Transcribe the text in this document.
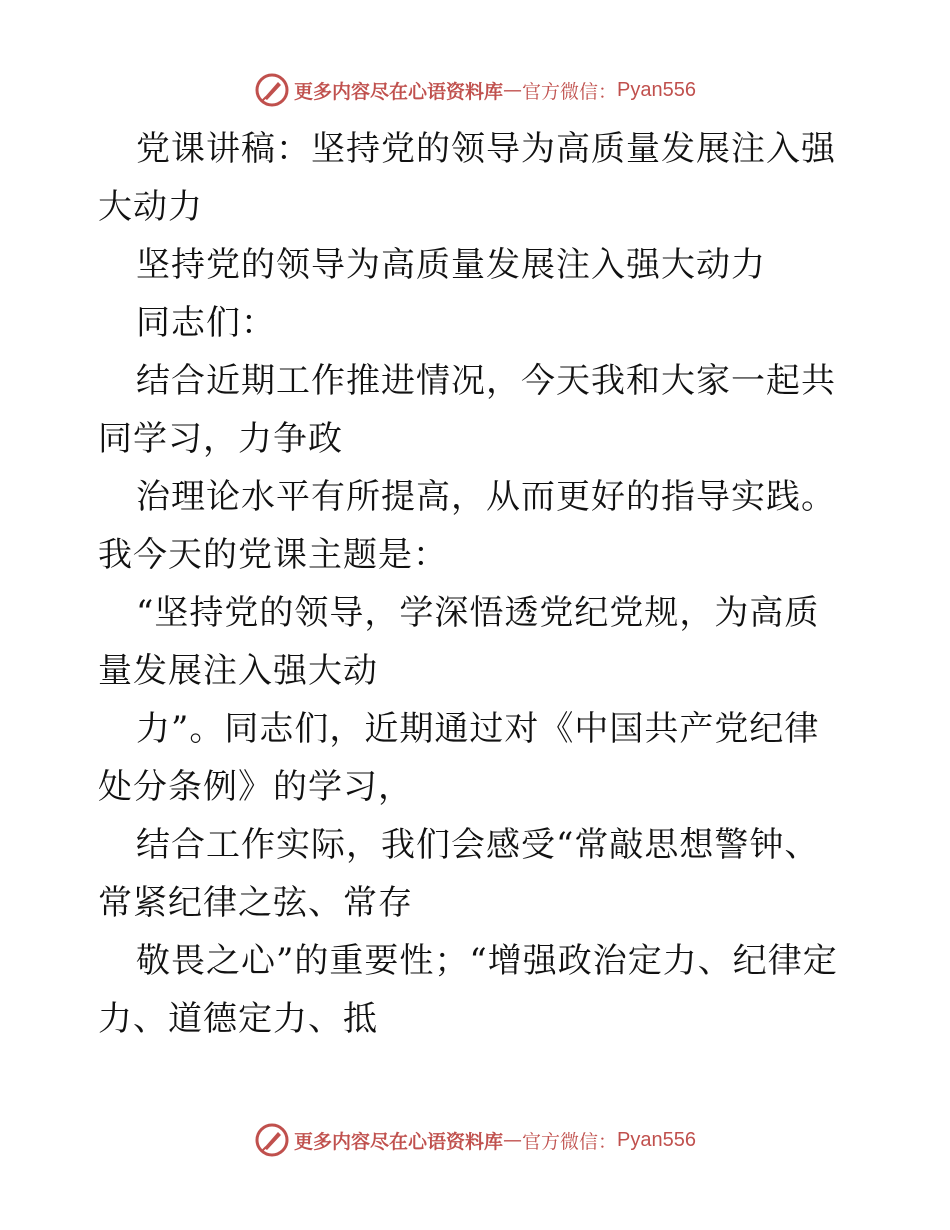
更多内容尽在心语资料库 — 官方微信： Pyan556

党课讲稿：坚持党的领导为高质量发展注入强大动力

坚持党的领导为高质量发展注入强大动力

同志们：

结合近期工作推进情况，今天我和大家一起共同学习，力争政

治理论水平有所提高，从而更好的指导实践。我今天的党课主题是：

“坚持党的领导，学深悟透党纪党规，为高质量发展注入强大动

力”。同志们，近期通过对《中国共产党纪律处分条例》的学习，

结合工作实际，我们会感受“常敲思想警钟、常紧纪律之弦、常存

敬畏之心”的重要性；“增强政治定力、纪律定力、道德定力、抵

更多内容尽在心语资料库 — 官方微信： Pyan556
